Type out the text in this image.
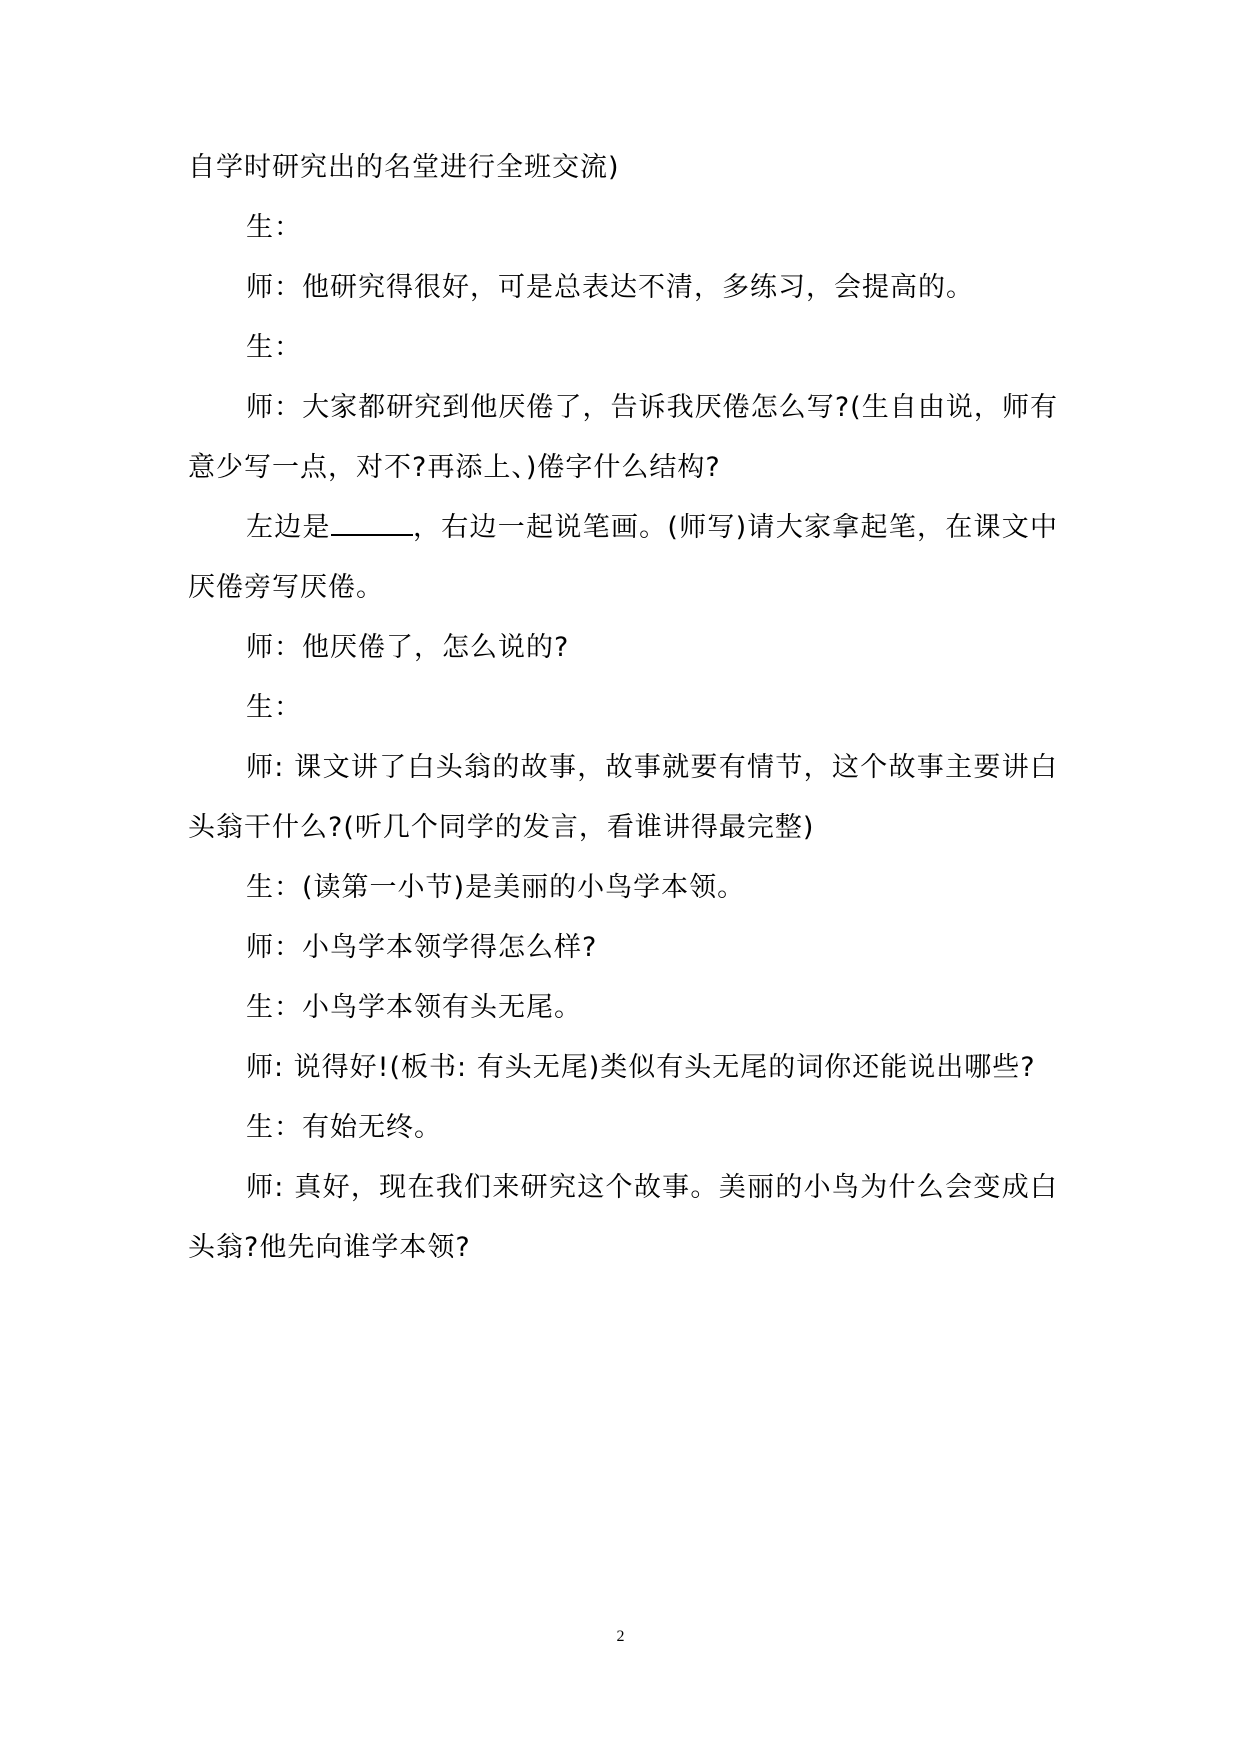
自学时研究出的名堂进行全班交流)

生：

师：他研究得很好，可是总表达不清，多练习，会提高的。

生：

师：大家都研究到他厌倦了，告诉我厌倦怎么写?(生自由说，师有意少写一点，对不?再添上、)倦字什么结构?

左边是	，右边一起说笔画。(师写)请大家拿起笔，在课文中厌倦旁写厌倦。

师：他厌倦了，怎么说的?

生：

师: 课文讲了白头翁的故事，故事就要有情节，这个故事主要讲白头翁干什么?(听几个同学的发言，看谁讲得最完整)

生：(读第一小节)是美丽的小鸟学本领。

师：小鸟学本领学得怎么样?

生：小鸟学本领有头无尾。

师: 说得好!(板书: 有头无尾)类似有头无尾的词你还能说出哪些?

生：有始无终。

师: 真好，现在我们来研究这个故事。美丽的小鸟为什么会变成白头翁?他先向谁学本领?

2
